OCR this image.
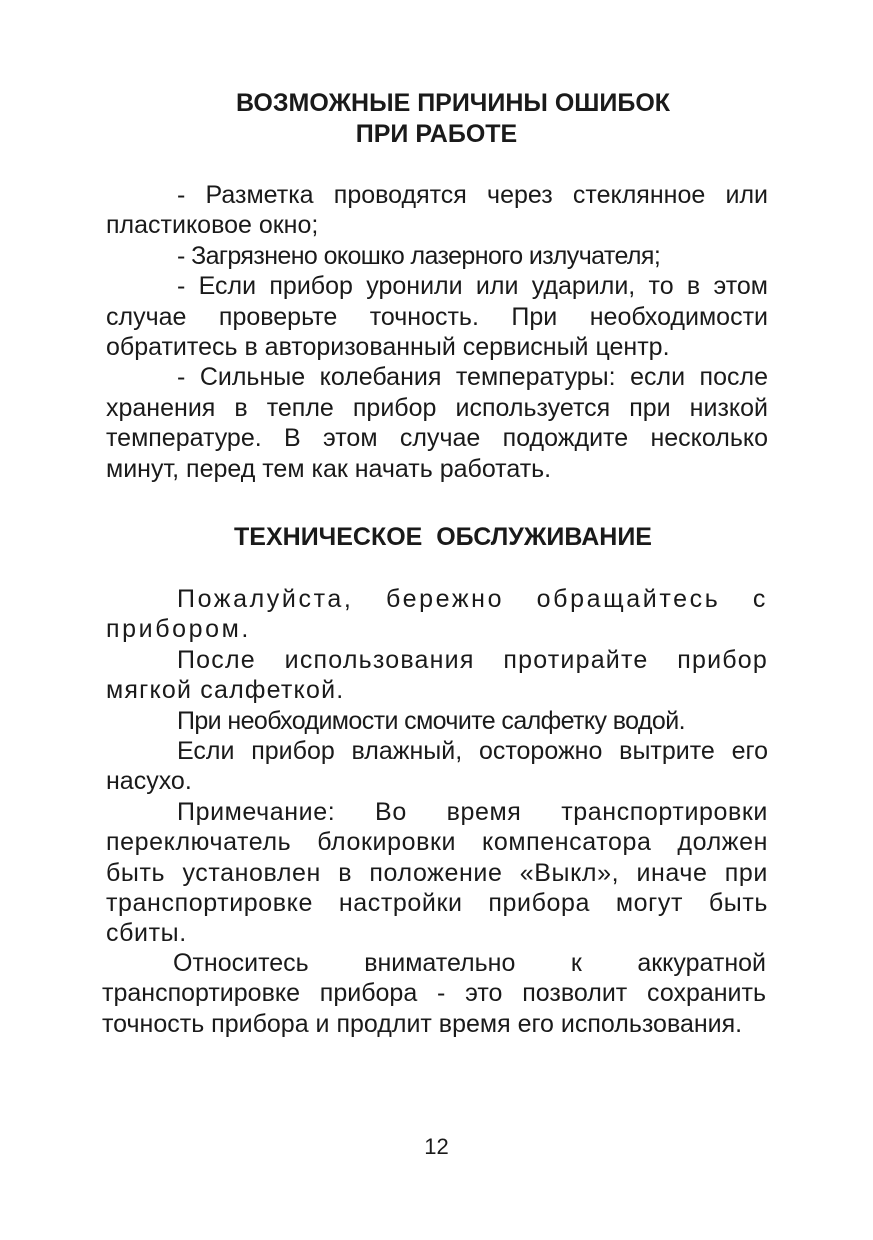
ВОЗМОЖНЫЕ ПРИЧИНЫ ОШИБОК
ПРИ РАБОТЕ

- Разметка проводятся через стеклянное или пластиковое окно;

- Загрязнено окошко лазерного излучателя;

- Если прибор уронили или ударили, то в этом случае проверьте точность. При необходимости обратитесь в авторизованный сервисный центр.

- Сильные колебания температуры: если после хранения в тепле прибор используется при низкой температуре. В этом случае подождите несколько минут, перед тем как начать работать.

ТЕХНИЧЕСКОЕ  ОБСЛУЖИВАНИЕ

Пожалуйста, бережно обращайтесь с прибором.

После использования протирайте прибор мягкой салфеткой.

При необходимости смочите салфетку водой.

Если прибор влажный, осторожно вытрите его насухо.

Примечание: Во время транспортировки переключатель блокировки компенсатора должен быть установлен в положение «Выкл», иначе при транспортировке настройки прибора могут быть сбиты.

Относитесь внимательно к аккуратной транспортировке прибора - это позволит сохранить точность прибора и продлит время его использования.

12
